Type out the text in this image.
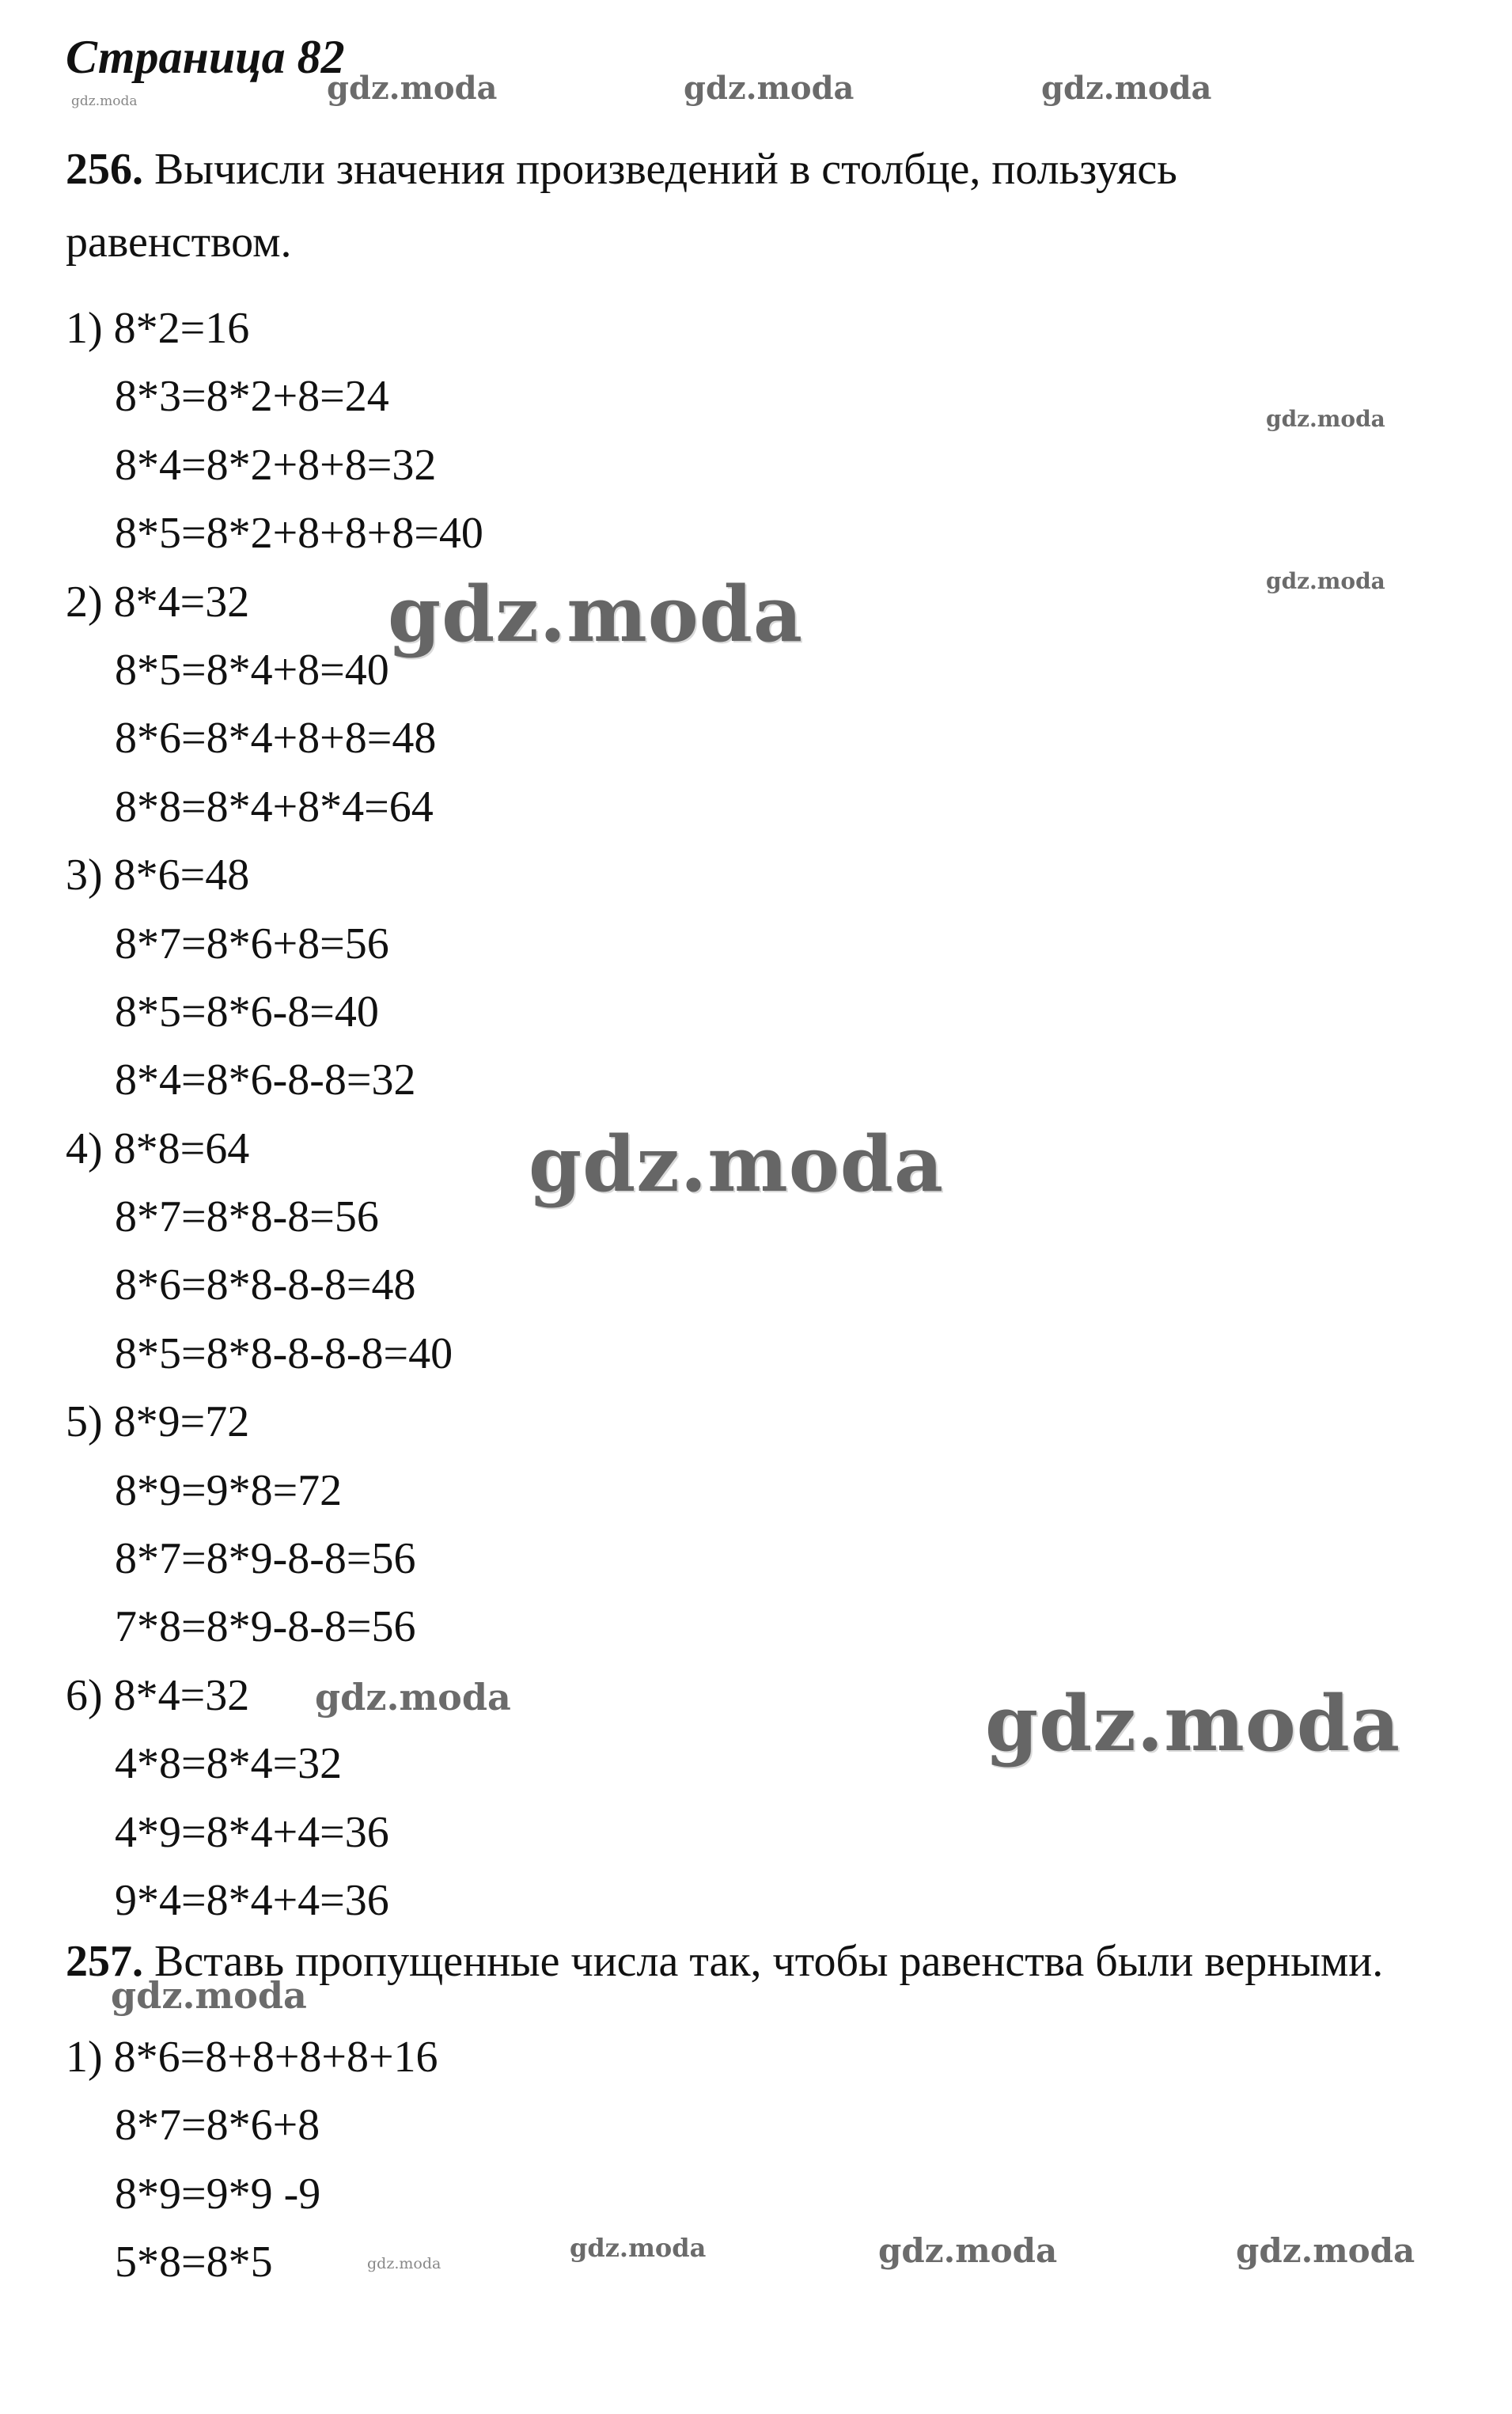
Страница 82
gdz.moda	gdz.moda	gdz.moda	gdz.moda
gdz.moda
gdz.moda
gdz.moda
gdz.moda
gdz.moda
gdz.moda
gdz.moda
gdz.moda
gdz.moda	gdz.moda	gdz.moda
256. Вычисли значения произведений в столбце, пользуясь
равенством.
1) 8*2=16
8*3=8*2+8=24
8*4=8*2+8+8=32
8*5=8*2+8+8+8=40
2) 8*4=32
8*5=8*4+8=40
8*6=8*4+8+8=48
8*8=8*4+8*4=64
3) 8*6=48
8*7=8*6+8=56
8*5=8*6-8=40
8*4=8*6-8-8=32
4) 8*8=64
8*7=8*8-8=56
8*6=8*8-8-8=48
8*5=8*8-8-8-8=40
5) 8*9=72
8*9=9*8=72
8*7=8*9-8-8=56
7*8=8*9-8-8=56
6) 8*4=32
4*8=8*4=32
4*9=8*4+4=36
9*4=8*4+4=36
257. Вставь пропущенные числа так, чтобы равенства были верными.
1) 8*6=8+8+8+8+16
8*7=8*6+8
8*9=9*9 -9
5*8=8*5
